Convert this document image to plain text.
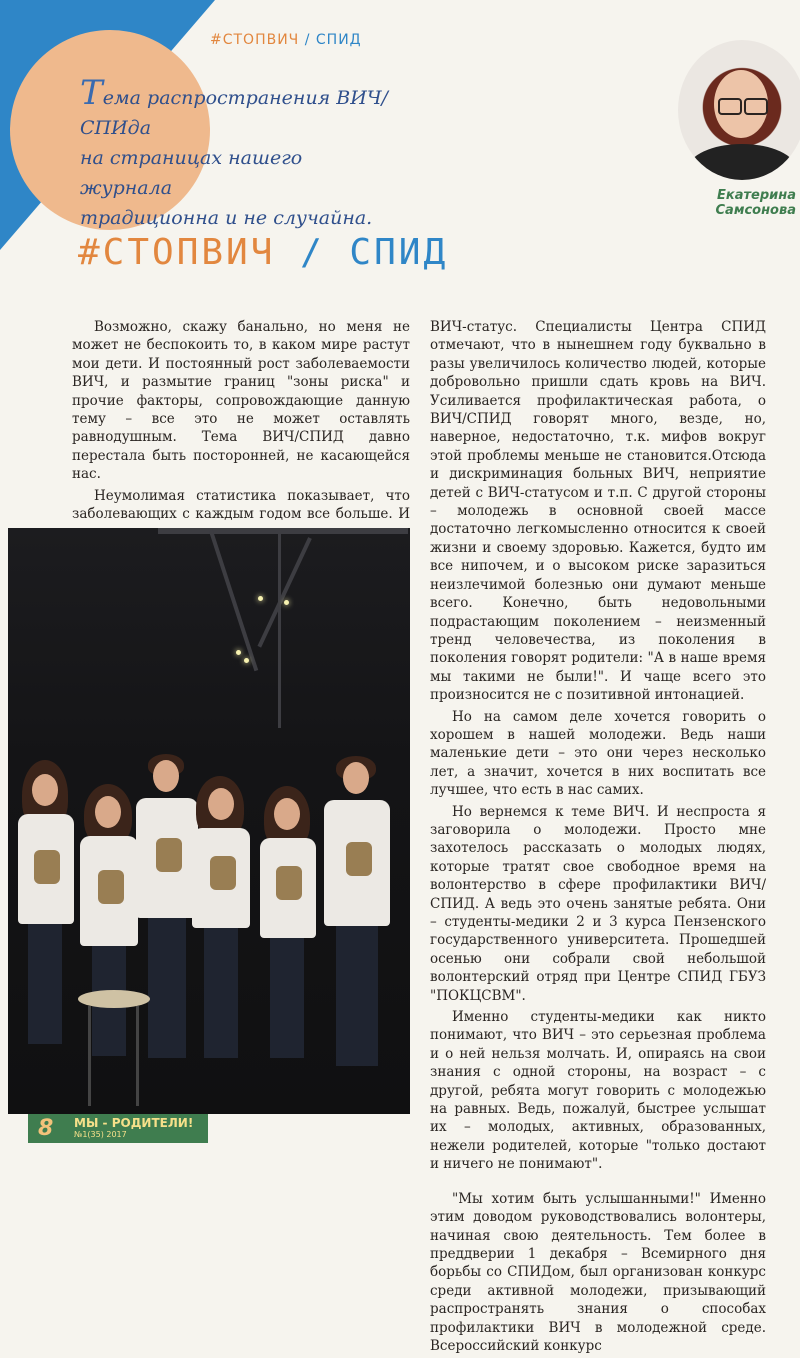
#СТОПВИЧ / СПИД
Тема распространения ВИЧ/СПИда
на страницах нашего журнала
традиционна и не случайна.
Екатерина Самсонова
#СТОПВИЧ / СПИД

Возможно, скажу банально, но меня не может не беспокоить то, в каком мире растут мои дети. И постоянный рост заболеваемости ВИЧ, и размытие границ "зоны риска" и прочие факторы, сопровождающие данную тему – все это не может оставлять равнодушным. Тема ВИЧ/СПИД давно перестала быть посторонней, не касающейся нас.

Неумолимая статистика показывает, что заболевающих с каждым годом все больше. И

ВИЧ-статус. Специалисты Центра СПИД отмечают, что в нынешнем году буквально в разы увеличилось количество людей, которые добровольно пришли сдать кровь на ВИЧ. Усиливается профилактическая работа, о ВИЧ/СПИД говорят много, везде, но, наверное, недостаточно, т.к. мифов вокруг этой проблемы меньше не становится.Отсюда и дискриминация больных ВИЧ, неприятие детей с ВИЧ-статусом и т.п. С другой стороны – молодежь в основной своей массе достаточно легкомысленно относится к своей жизни и своему здоровью. Кажется, будто им все нипочем, и о высоком риске заразиться неизлечимой болезнью они думают меньше всего. Конечно, быть недовольными подрастающим поколением – неизменный тренд человечества, из поколения в поколения говорят родители: "А в наше время мы такими не были!". И чаще всего это произносится не с позитивной интонацией.

Но на самом деле хочется говорить о хорошем в нашей молодежи. Ведь наши маленькие дети – это они через несколько лет, а значит, хочется в них воспитать все лучшее, что есть в нас самих.

Но вернемся к теме ВИЧ. И неспроста я заговорила о молодежи. Просто мне захотелось рассказать о молодых людях, которые тратят свое свободное время на волонтерство в сфере профилактики ВИЧ/СПИД. А ведь это очень занятые ребята. Они – студенты-медики 2 и 3 курса Пензенского государственного университета. Прошедшей осенью они собрали свой небольшой волонтерский отряд при Центре СПИД ГБУЗ "ПОКЦСВМ".

Именно студенты-медики как никто понимают, что ВИЧ – это серьезная проблема и о ней нельзя молчать. И, опираясь на свои знания с одной стороны, на возраст – с другой, ребята могут говорить с молодежью на равных. Ведь, пожалуй, быстрее услышат их – молодых, активных, образованных, нежели родителей, которые "только достают и ничего не понимают".

"Мы хотим быть услышанными!" Именно этим доводом руководствовались волонтеры, начиная свою деятельность. Тем более в преддверии 1 декабря – Всемирного дня борьбы со СПИДом, был организован конкурс среди активной молодежи, призывающий распространять знания о способах профилактики ВИЧ в молодежной среде. Всероссийский конкурс

8 МЫ - РОДИТЕЛИ!
№1(35) 2017
